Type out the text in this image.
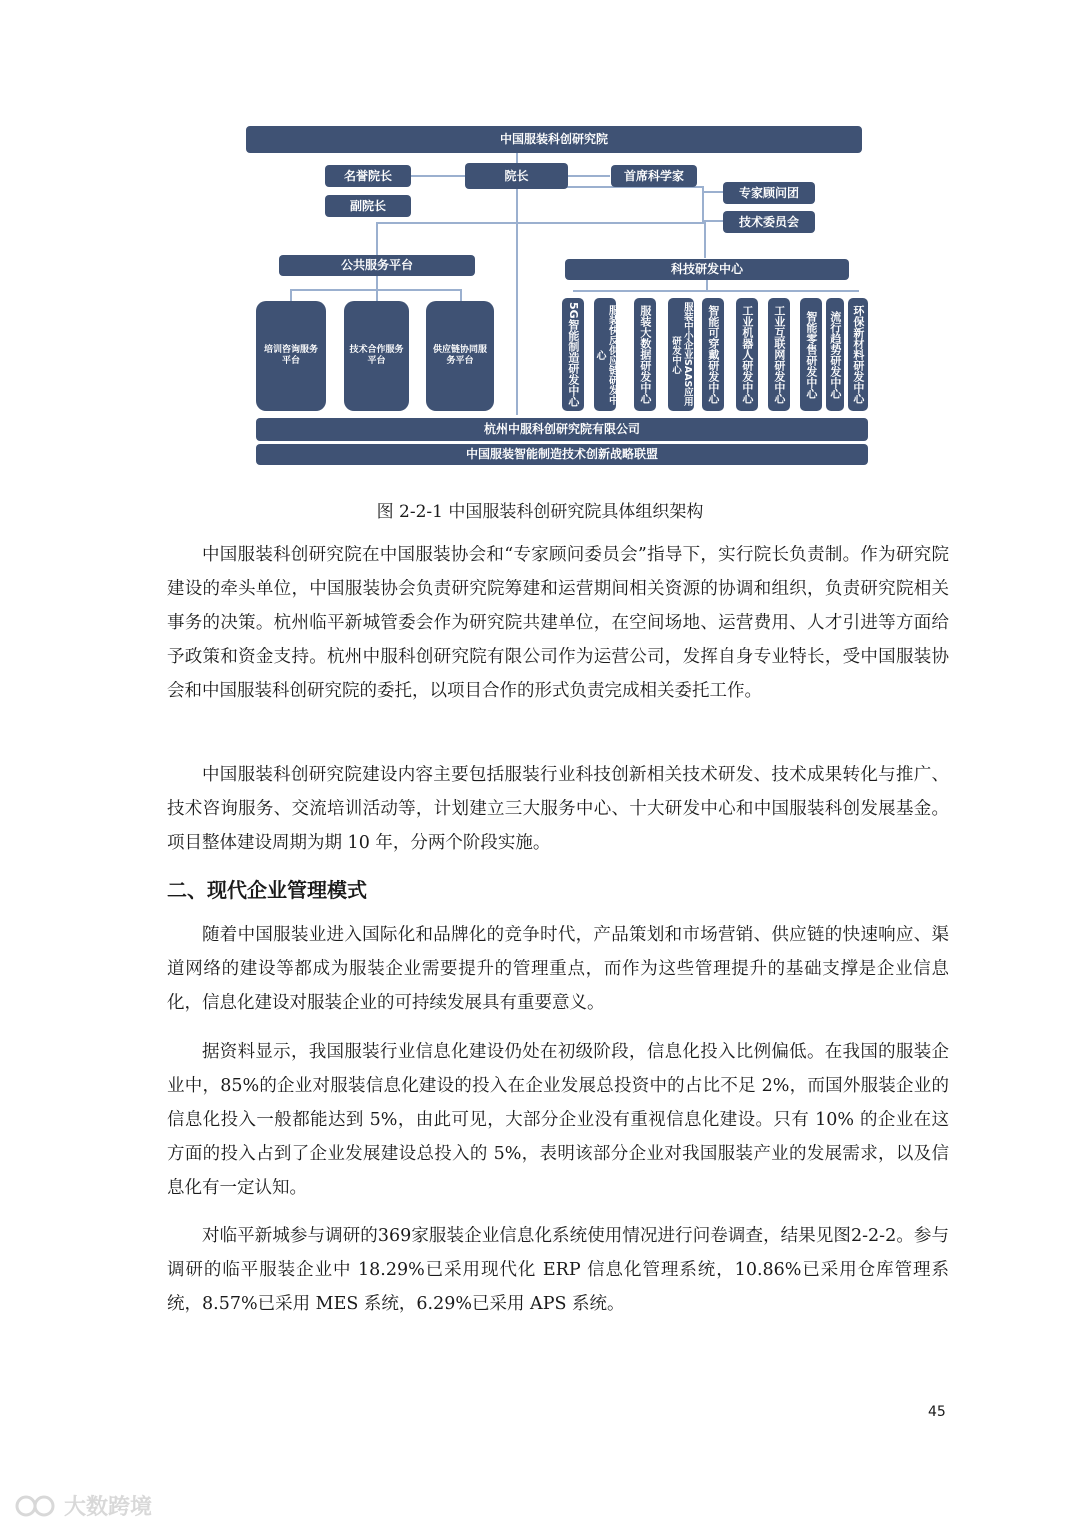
中国服装科创研究院
名誉院长	院长	首席科学家
副院长
专家顾问团
技术委员会
公共服务平台	科技研发中心
培训咨询服务平台
技术合作服务平台
供应链协同服务平台	5G智能制造研发中心	服装快反供应链研发中心	服装大数据研发中心	服装中小企业SAAS应用研发中心	智能可穿戴研发中心	工业机器人研发中心	工业互联网研发中心	智能零售研发中心	流行趋势研发中心 环保新材料研发中心
杭州中服科创研究院有限公司
中国服装智能制造技术创新战略联盟
图 2-2-1 中国服装科创研究院具体组织架构

中国服装科创研究院在中国服装协会和“专家顾问委员会”指导下，实行院长负责制。作为研究院建设的牵头单位，中国服装协会负责研究院筹建和运营期间相关资源的协调和组织，负责研究院相关事务的决策。杭州临平新城管委会作为研究院共建单位，在空间场地、运营费用、人才引进等方面给予政策和资金支持。杭州中服科创研究院有限公司作为运营公司，发挥自身专业特长，受中国服装协会和中国服装科创研究院的委托，以项目合作的形式负责完成相关委托工作。

中国服装科创研究院建设内容主要包括服装行业科技创新相关技术研发、技术成果转化与推广、技术咨询服务、交流培训活动等，计划建立三大服务中心、十大研发中心和中国服装科创发展基金。项目整体建设周期为期 10 年，分两个阶段实施。

二、现代企业管理模式

随着中国服装业进入国际化和品牌化的竞争时代，产品策划和市场营销、供应链的快速响应、渠道网络的建设等都成为服装企业需要提升的管理重点，而作为这些管理提升的基础支撑是企业信息化，信息化建设对服装企业的可持续发展具有重要意义。

据资料显示，我国服装行业信息化建设仍处在初级阶段，信息化投入比例偏低。在我国的服装企业中，85%的企业对服装信息化建设的投入在企业发展总投资中的占比不足 2%，而国外服装企业的信息化投入一般都能达到 5%，由此可见，大部分企业没有重视信息化建设。只有 10% 的企业在这方面的投入占到了企业发展建设总投入的 5%，表明该部分企业对我国服装产业的发展需求，以及信息化有一定认知。

对临平新城参与调研的369家服装企业信息化系统使用情况进行问卷调查，结果见图2-2-2。参与调研的临平服装企业中 18.29%已采用现代化 ERP 信息化管理系统，10.86%已采用仓库管理系统，8.57%已采用 MES 系统，6.29%已采用 APS 系统。

45
大数跨境
